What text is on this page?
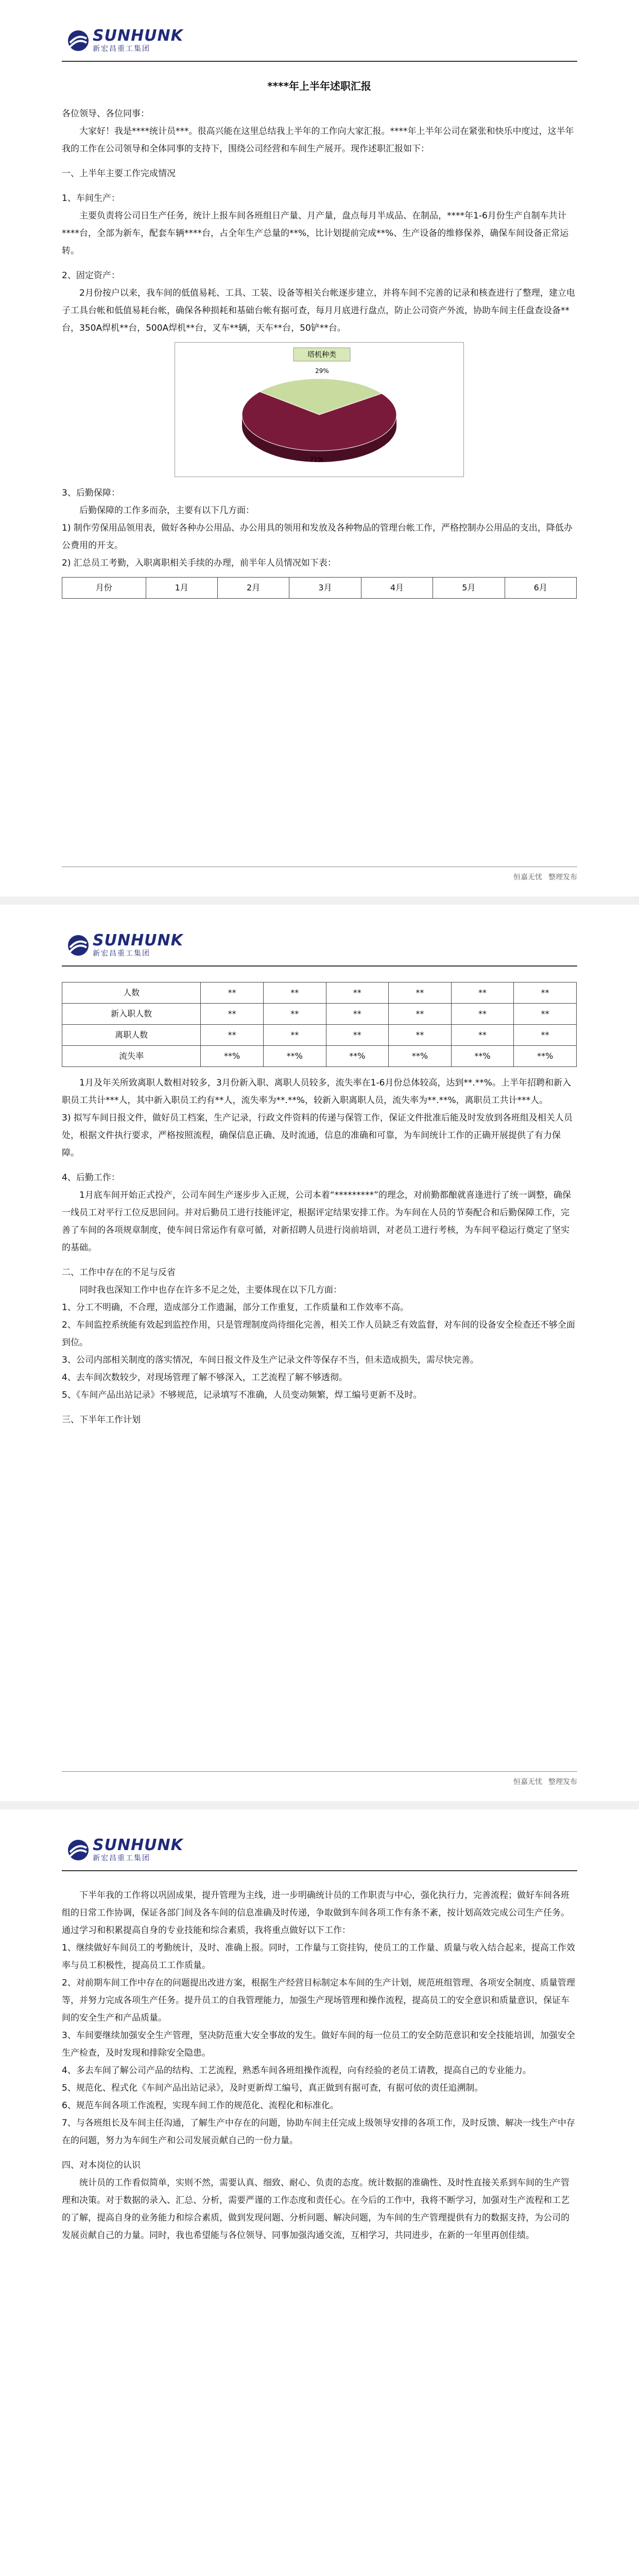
SUNHUNK
新宏昌重工集团
****年上半年述职汇报

各位领导、各位同事：

大家好！我是****统计员***。很高兴能在这里总结我上半年的工作向大家汇报。****年上半年公司在紧张和快乐中度过，这半年我的工作在公司领导和全体同事的支持下，围绕公司经营和车间生产展开。现作述职汇报如下：

一、上半年主要工作完成情况

1、车间生产：

主要负责将公司日生产任务，统计上报车间各班组日产量、月产量，盘点每月半成品、在制品，****年1-6月份生产自制车共计****台，全部为新车，配套车辆****台，占全年生产总量的**%，比计划提前完成**%、生产设备的维修保养，确保车间设备正常运转。

2、固定资产：

2月份按户以来，我车间的低值易耗、工具、工装、设备等相关台帐逐步建立，并将车间不完善的记录和核查进行了整理，建立电子工具台帐和低值易耗台帐，确保各种损耗和基础台帐有据可查，每月月底进行盘点，防止公司资产外流，协助车间主任盘查设备**台，350A焊机**台，500A焊机**台，叉车**辆，天车**台，50铲**台。

塔机种类
29%
71%

3、后勤保障：

后勤保障的工作多而杂，主要有以下几方面：

1) 制作劳保用品领用表，做好各种办公用品、办公用具的领用和发放及各种物品的管理台帐工作，严格控制办公用品的支出，降低办公费用的开支。

2) 汇总员工考勤，入职离职相关手续的办理，前半年人员情况如下表：

月份	1月	2月	3月	4月	5月	6月
恒嘉无忧 整理发布
SUNHUNK
新宏昌重工集团
人数	**	**	**	**	**	**
新入职人数	**	**	**	**	**	**
离职人数	**	**	**	**	**	**
流失率	**%	**%	**%	**%	**%	**%

1月及年关所致离职人数相对较多，3月份新入职、离职人员较多，流失率在1-6月份总体较高，达到**.**%。上半年招聘和新入职员工共计***人，其中新入职员工约有**人，流失率为**.**%，较新入职离职人员，流失率为**.**%，离职员工共计***人。

3) 拟写车间日报文件，做好员工档案，生产记录，行政文件资料的传递与保管工作，保证文件批准后能及时发放到各班组及相关人员处，根据文件执行要求，严格按照流程，确保信息正确、及时流通，信息的准确和可靠，为车间统计工作的正确开展提供了有力保障。

4、后勤工作：

1月底车间开始正式投产，公司车间生产逐步步入正规，公司本着“*********”的理念，对前勤都酿就喜逢进行了统一调整，确保一线员工对平行工位反思回问。并对后勤员工进行技能评定，根据评定结果安排工作。为车间在人员的节奏配合和后勤保障工作，完善了车间的各项规章制度，使车间日常运作有章可循，对新招聘人员进行岗前培训，对老员工进行考核，为车间平稳运行奠定了坚实的基础。

二、工作中存在的不足与反省

同时我也深知工作中也存在许多不足之处，主要体现在以下几方面：

1、分工不明确，不合理，造成部分工作遗漏，部分工作重复，工作质量和工作效率不高。

2、车间监控系统能有效起到监控作用，只是管理制度尚待细化完善，相关工作人员缺乏有效监督，对车间的设备安全检查还不够全面到位。

3、公司内部相关制度的落实情况，车间日报文件及生产记录文件等保存不当，但未造成损失，需尽快完善。

4、去车间次数较少，对现场管理了解不够深入，工艺流程了解不够透彻。

5、《车间产品出站记录》不够规范，记录填写不准确，人员变动频繁，焊工编号更新不及时。

三、下半年工作计划

恒嘉无忧 整理发布
SUNHUNK
新宏昌重工集团

下半年我的工作将以巩固成果，提升管理为主线，进一步明确统计员的工作职责与中心，强化执行力，完善流程；做好车间各班组的日常工作协调，保证各部门间及各车间的信息准确及时传递，争取做到车间各项工作有条不紊，按计划高效完成公司生产任务。通过学习和积累提高自身的专业技能和综合素质，我将重点做好以下工作：

1、继续做好车间员工的考勤统计，及时、准确上报。同时，工作量与工资挂钩，使员工的工作量、质量与收入结合起来，提高工作效率与员工积极性，提高员工工作质量。

2、对前期车间工作中存在的问题提出改进方案，根据生产经营目标制定本车间的生产计划，规范班组管理、各项安全制度、质量管理等，并努力完成各项生产任务。提升员工的自我管理能力，加强生产现场管理和操作流程，提高员工的安全意识和质量意识，保证车间的安全生产和产品质量。

3、车间要继续加强安全生产管理，坚决防范重大安全事故的发生。做好车间的每一位员工的安全防范意识和安全技能培训，加强安全生产检查，及时发现和排除安全隐患。

4、多去车间了解公司产品的结构、工艺流程，熟悉车间各班组操作流程，向有经验的老员工请教，提高自己的专业能力。

5、规范化、程式化《车间产品出站记录》，及时更新焊工编号，真正做到有据可查，有据可依的责任追溯制。

6、规范车间各项工作流程，实现车间工作的规范化、流程化和标准化。

7、与各班组长及车间主任沟通，了解生产中存在的问题，协助车间主任完成上级领导安排的各项工作，及时反馈、解决一线生产中存在的问题，努力为车间生产和公司发展贡献自己的一份力量。

四、对本岗位的认识

统计员的工作看似简单，实则不然，需要认真、细致、耐心、负责的态度。统计数据的准确性、及时性直接关系到车间的生产管理和决策。对于数据的录入、汇总、分析，需要严谨的工作态度和责任心。在今后的工作中，我将不断学习，加强对生产流程和工艺的了解，提高自身的业务能力和综合素质，做到发现问题、分析问题、解决问题，为车间的生产管理提供有力的数据支持，为公司的发展贡献自己的力量。同时，我也希望能与各位领导、同事加强沟通交流，互相学习，共同进步，在新的一年里再创佳绩。
